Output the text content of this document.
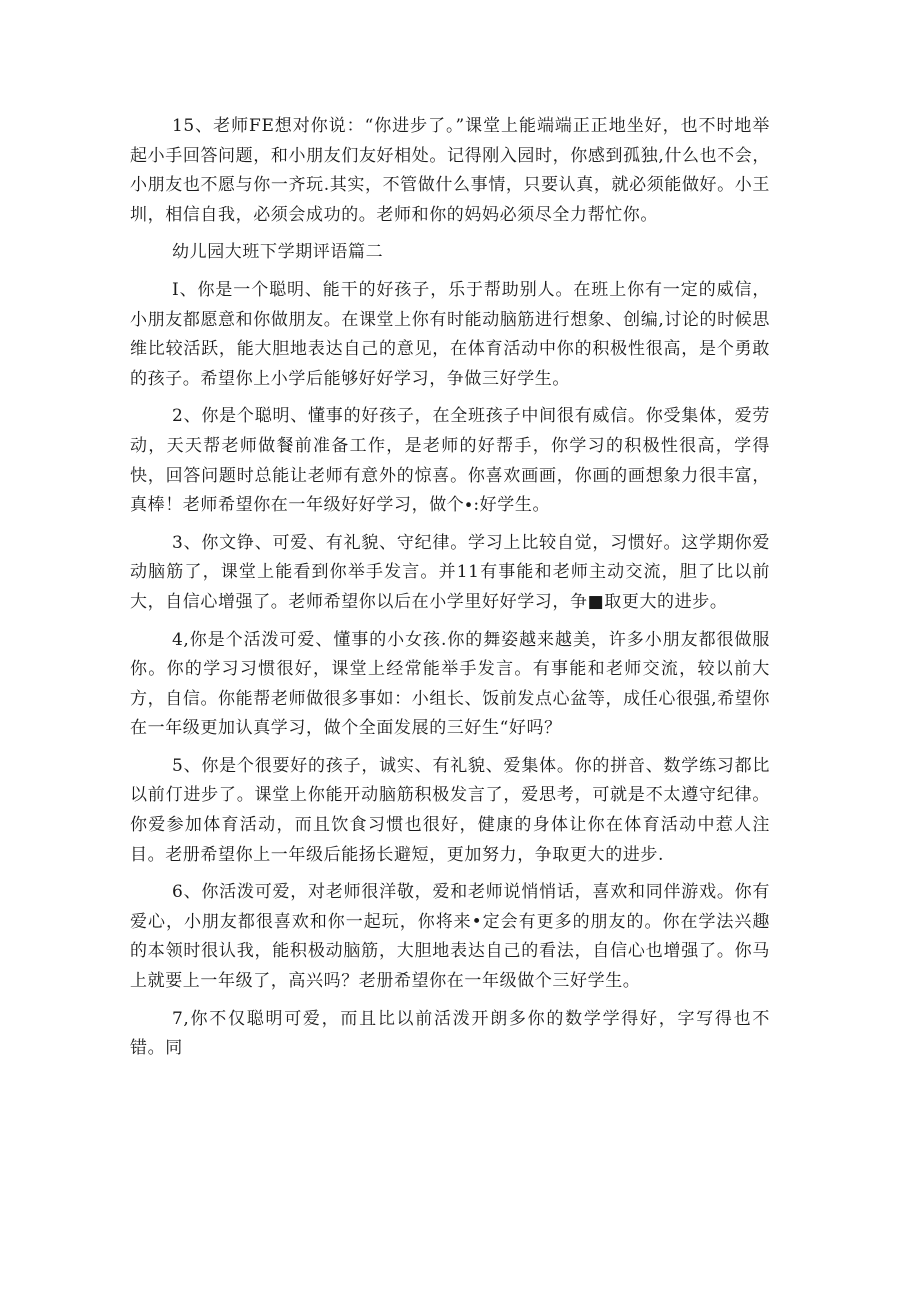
15、老师FE想对你说：“你进步了。”课堂上能端端正正地坐好，也不时地举起小手回答问题，和小朋友们友好相处。记得刚入园时，你感到孤独,什么也不会，小朋友也不愿与你一齐玩.其实，不管做什么事情，只要认真，就必须能做好。小王圳，相信自我，必须会成功的。老师和你的妈妈必须尽全力帮忙你。

幼儿园大班下学期评语篇二

I、你是一个聪明、能干的好孩子，乐于帮助别人。在班上你有一定的威信，小朋友都愿意和你做朋友。在课堂上你有时能动脑筋进行想象、创编,讨论的时候思维比较活跃，能大胆地表达自己的意见，在体育活动中你的积极性很高，是个勇敢的孩子。希望你上小学后能够好好学习，争做三好学生。

2、你是个聪明、懂事的好孩子，在全班孩子中间很有威信。你受集体，爱劳动，天天帮老师做餐前准备工作，是老师的好帮手，你学习的积极性很高，学得快，回答问题时总能让老师有意外的惊喜。你喜欢画画，你画的画想象力很丰富，真棒！老师希望你在一年级好好学习，做个∙:好学生。

3、你文铮、可爱、有礼貌、守纪律。学习上比较自觉，习惯好。这学期你爱动脑筋了，课堂上能看到你举手发言。并11有事能和老师主动交流，胆了比以前大，自信心增强了。老师希望你以后在小学里好好学习，争■取更大的进步。

4,你是个活泼可爱、懂事的小女孩.你的舞姿越来越美，许多小朋友都很做服你。你的学习习惯很好，课堂上经常能举手发言。有事能和老师交流，较以前大方，自信。你能帮老师做很多事如：小组长、饭前发点心盆等，成任心很强,希望你在一年级更加认真学习，做个全面发展的三好生“好吗？

5、你是个很要好的孩子，诚实、有礼貌、爱集体。你的拼音、数学练习都比以前仃进步了。课堂上你能开动脑筋积极发言了，爱思考，可就是不太遵守纪律。你爱参加体育活动，而且饮食习惯也很好，健康的身体让你在体育活动中惹人注目。老册希望你上一年级后能扬长避短，更加努力，争取更大的进步.

6、你活泼可爱，对老师很洋敬，爱和老师说悄悄话，喜欢和同伴游戏。你有爱心，小朋友都很喜欢和你一起玩，你将来•定会有更多的朋友的。你在学法兴趣的本领时很认我，能积极动脑筋，大胆地表达自己的看法，自信心也增强了。你马上就要上一年级了，高兴吗？老册希望你在一年级做个三好学生。

7,你不仅聪明可爱，而且比以前活泼开朗多你的数学学得好，字写得也不错。同
